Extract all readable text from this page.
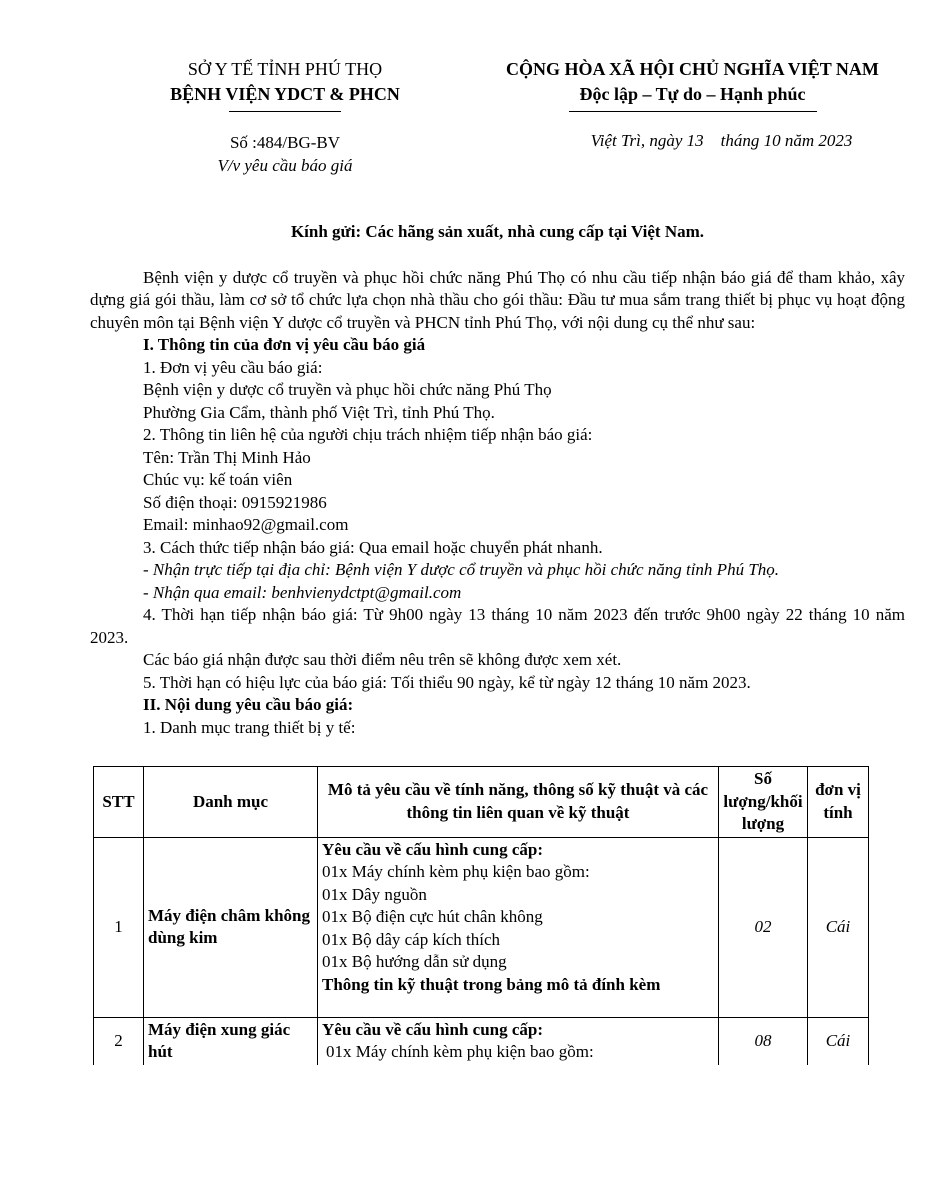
SỞ Y TẾ TỈNH PHÚ THỌ
BỆNH VIỆN YDCT & PHCN
Số :484/BG-BV
V/v yêu cầu báo giá
CỘNG HÒA XÃ HỘI CHỦ NGHĨA VIỆT NAM
Độc lập – Tự do – Hạnh phúc
Việt Trì, ngày 13    tháng 10 năm 2023
Kính gửi: Các hãng sản xuất, nhà cung cấp tại Việt Nam.

Bệnh viện y dược cổ truyền và phục hồi chức năng Phú Thọ có nhu cầu tiếp nhận báo giá để tham khảo, xây dựng giá gói thầu, làm cơ sở tổ chức lựa chọn nhà thầu cho gói thầu: Đầu tư mua sắm trang thiết bị phục vụ hoạt động chuyên môn tại Bệnh viện Y dược cổ truyền và PHCN tỉnh Phú Thọ, với nội dung cụ thể như sau:

I. Thông tin của đơn vị yêu cầu báo giá
1. Đơn vị yêu cầu báo giá:
Bệnh viện y dược cổ truyền và phục hồi chức năng Phú Thọ
Phường Gia Cẩm, thành phố Việt Trì, tỉnh Phú Thọ.
2. Thông tin liên hệ của người chịu trách nhiệm tiếp nhận báo giá:
Tên: Trần Thị Minh Hảo
Chúc vụ: kế toán viên
Số điện thoại: 0915921986
Email: minhao92@gmail.com
3. Cách thức tiếp nhận báo giá: Qua email hoặc chuyển phát nhanh.

- Nhận trực tiếp tại địa chỉ: Bệnh viện Y dược cổ truyền và phục hồi chức năng tỉnh Phú Thọ.

- Nhận qua email: benhvienydctpt@gmail.com

4. Thời hạn tiếp nhận báo giá: Từ 9h00 ngày 13 tháng 10 năm 2023 đến trước 9h00 ngày 22 tháng 10 năm 2023.

Các báo giá nhận được sau thời điểm nêu trên sẽ không được xem xét.

5. Thời hạn có hiệu lực của báo giá: Tối thiểu 90 ngày, kể từ ngày 12 tháng 10 năm 2023.

II. Nội dung yêu cầu báo giá:
1. Danh mục trang thiết bị y tế:
STT	Danh mục	Mô tả yêu cầu về tính năng, thông số kỹ thuật và các thông tin liên quan về kỹ thuật	Số
lượng/khối
lượng	đơn vị tính
1	Máy điện châm không dùng kim	
Yêu cầu về cấu hình cung cấp:
01x Máy chính kèm phụ kiện bao gồm:
01x Dây nguồn
01x Bộ điện cực hút chân không
01x Bộ dây cáp kích thích
01x Bộ hướng dẫn sử dụng
Thông tin kỹ thuật trong bảng mô tả đính kèm
	02	Cái
2	Máy điện xung giác hút	Yêu cầu về cấu hình cung cấp:
01x Máy chính kèm phụ kiện bao gồm:	08	Cái
